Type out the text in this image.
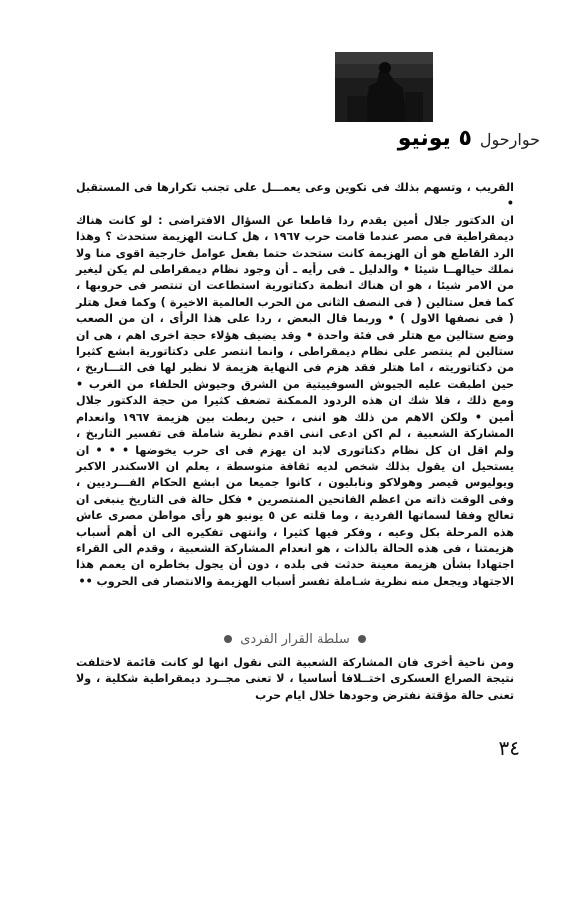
حوارحول
٥ يونيو

القريب ، وتسهم بذلك فى تكوين وعى يعمـــل على تجنب تكرارها فى المستقبل •

ان الدكتور جلال أمين يقدم ردا قاطعا عن السؤال الافتراضى : لو كانت هناك ديمقراطية فى مصر عندما قامت حرب ١٩٦٧ ، هل كـانت الهزيمة ستحدث ؟ وهذا الرد القاطع هو أن الهزيمة كانت ستحدث حتما بفعل عوامل خارجية اقوى منا ولا نملك حيالهــا شيئا • والدليل ـ فى رأيه ـ أن وجود نظام ديمقراطى لم يكن ليغير من الامر شيئا ، هو ان هناك انظمة دكتاتورية استطاعت ان تنتصر فى حروبها ، كما فعل ستالين ( فى النصف الثانى من الحرب العالمية الاخيرة ) وكما فعل هتلر ( فى نصفها الاول ) • وربما قال البعض ، ردا على هذا الرأى ، ان من الصعب وضع ستالين مع هتلر فى فئة واحدة • وقد يضيف هؤلاء حجة اخرى اهم ، هى ان ستالين لم ينتصر على نظام ديمقراطى ، وانما انتصر على دكتاتورية ابشع كثيرا من دكتاتوريته ، اما هتلر فقد هزم فى النهاية هزيمة لا نظير لها فى التـــاريخ ، حين اطبقت عليه الجيوش السوفييتية من الشرق وجيوش الحلفاء من الغرب • ومع ذلك ، فلا شك ان هذه الردود الممكنة تضعف كثيرا من حجة الدكتور جلال أمين • ولكن الاهم من ذلك هو اننى ، حين ربطت بين هزيمة ١٩٦٧ وانعدام المشاركة الشعبية ، لم اكن ادعى اننى اقدم نظرية شاملة فى تفسير التاريخ ، ولم اقل ان كل نظام دكتاتورى لابد ان يهزم فى اى حرب يخوضها • • • ان يستحيل ان يقول بذلك شخص لديه ثقافة متوسطة ، يعلم ان الاسكندر الاكبر ويوليوس قيصر وهولاكو ونابليون ، كانوا جميعا من ابشع الحكام الفـــرديين ، وفى الوقت ذاته من اعظم الفاتحين المنتصرين • فكل حالة فى التاريخ ينبغى ان تعالج وفقا لسماتها الفردية ، وما قلته عن ٥ يونيو هو رأى مواطن مصرى عاش هذه المرحلة بكل وعيه ، وفكر فيها كثيرا ، وانتهى تفكيره الى ان أهم أسباب هزيمتنا ، فى هذه الحالة بالذات ، هو انعدام المشاركة الشعبية ، وقدم الى القراء اجتهادا بشأن هزيمة معينة حدثت فى بلده ، دون أن يجول بخاطره ان يعمم هذا الاجتهاد ويجعل منه نظرية شـاملة تفسر أسباب الهزيمة والانتصار فى الحروب ••

سلطة القرار الفردى

ومن ناحية أخرى فان المشاركة الشعبية التى نقول انها لو كانت قائمة لاختلفت نتيجة الصراع العسكرى اختــلافا أساسيا ، لا تعنى مجــرد ديمقراطية شكلية ، ولا تعنى حالة مؤقتة نفترض وجودها خلال ايام حرب

٣٤
